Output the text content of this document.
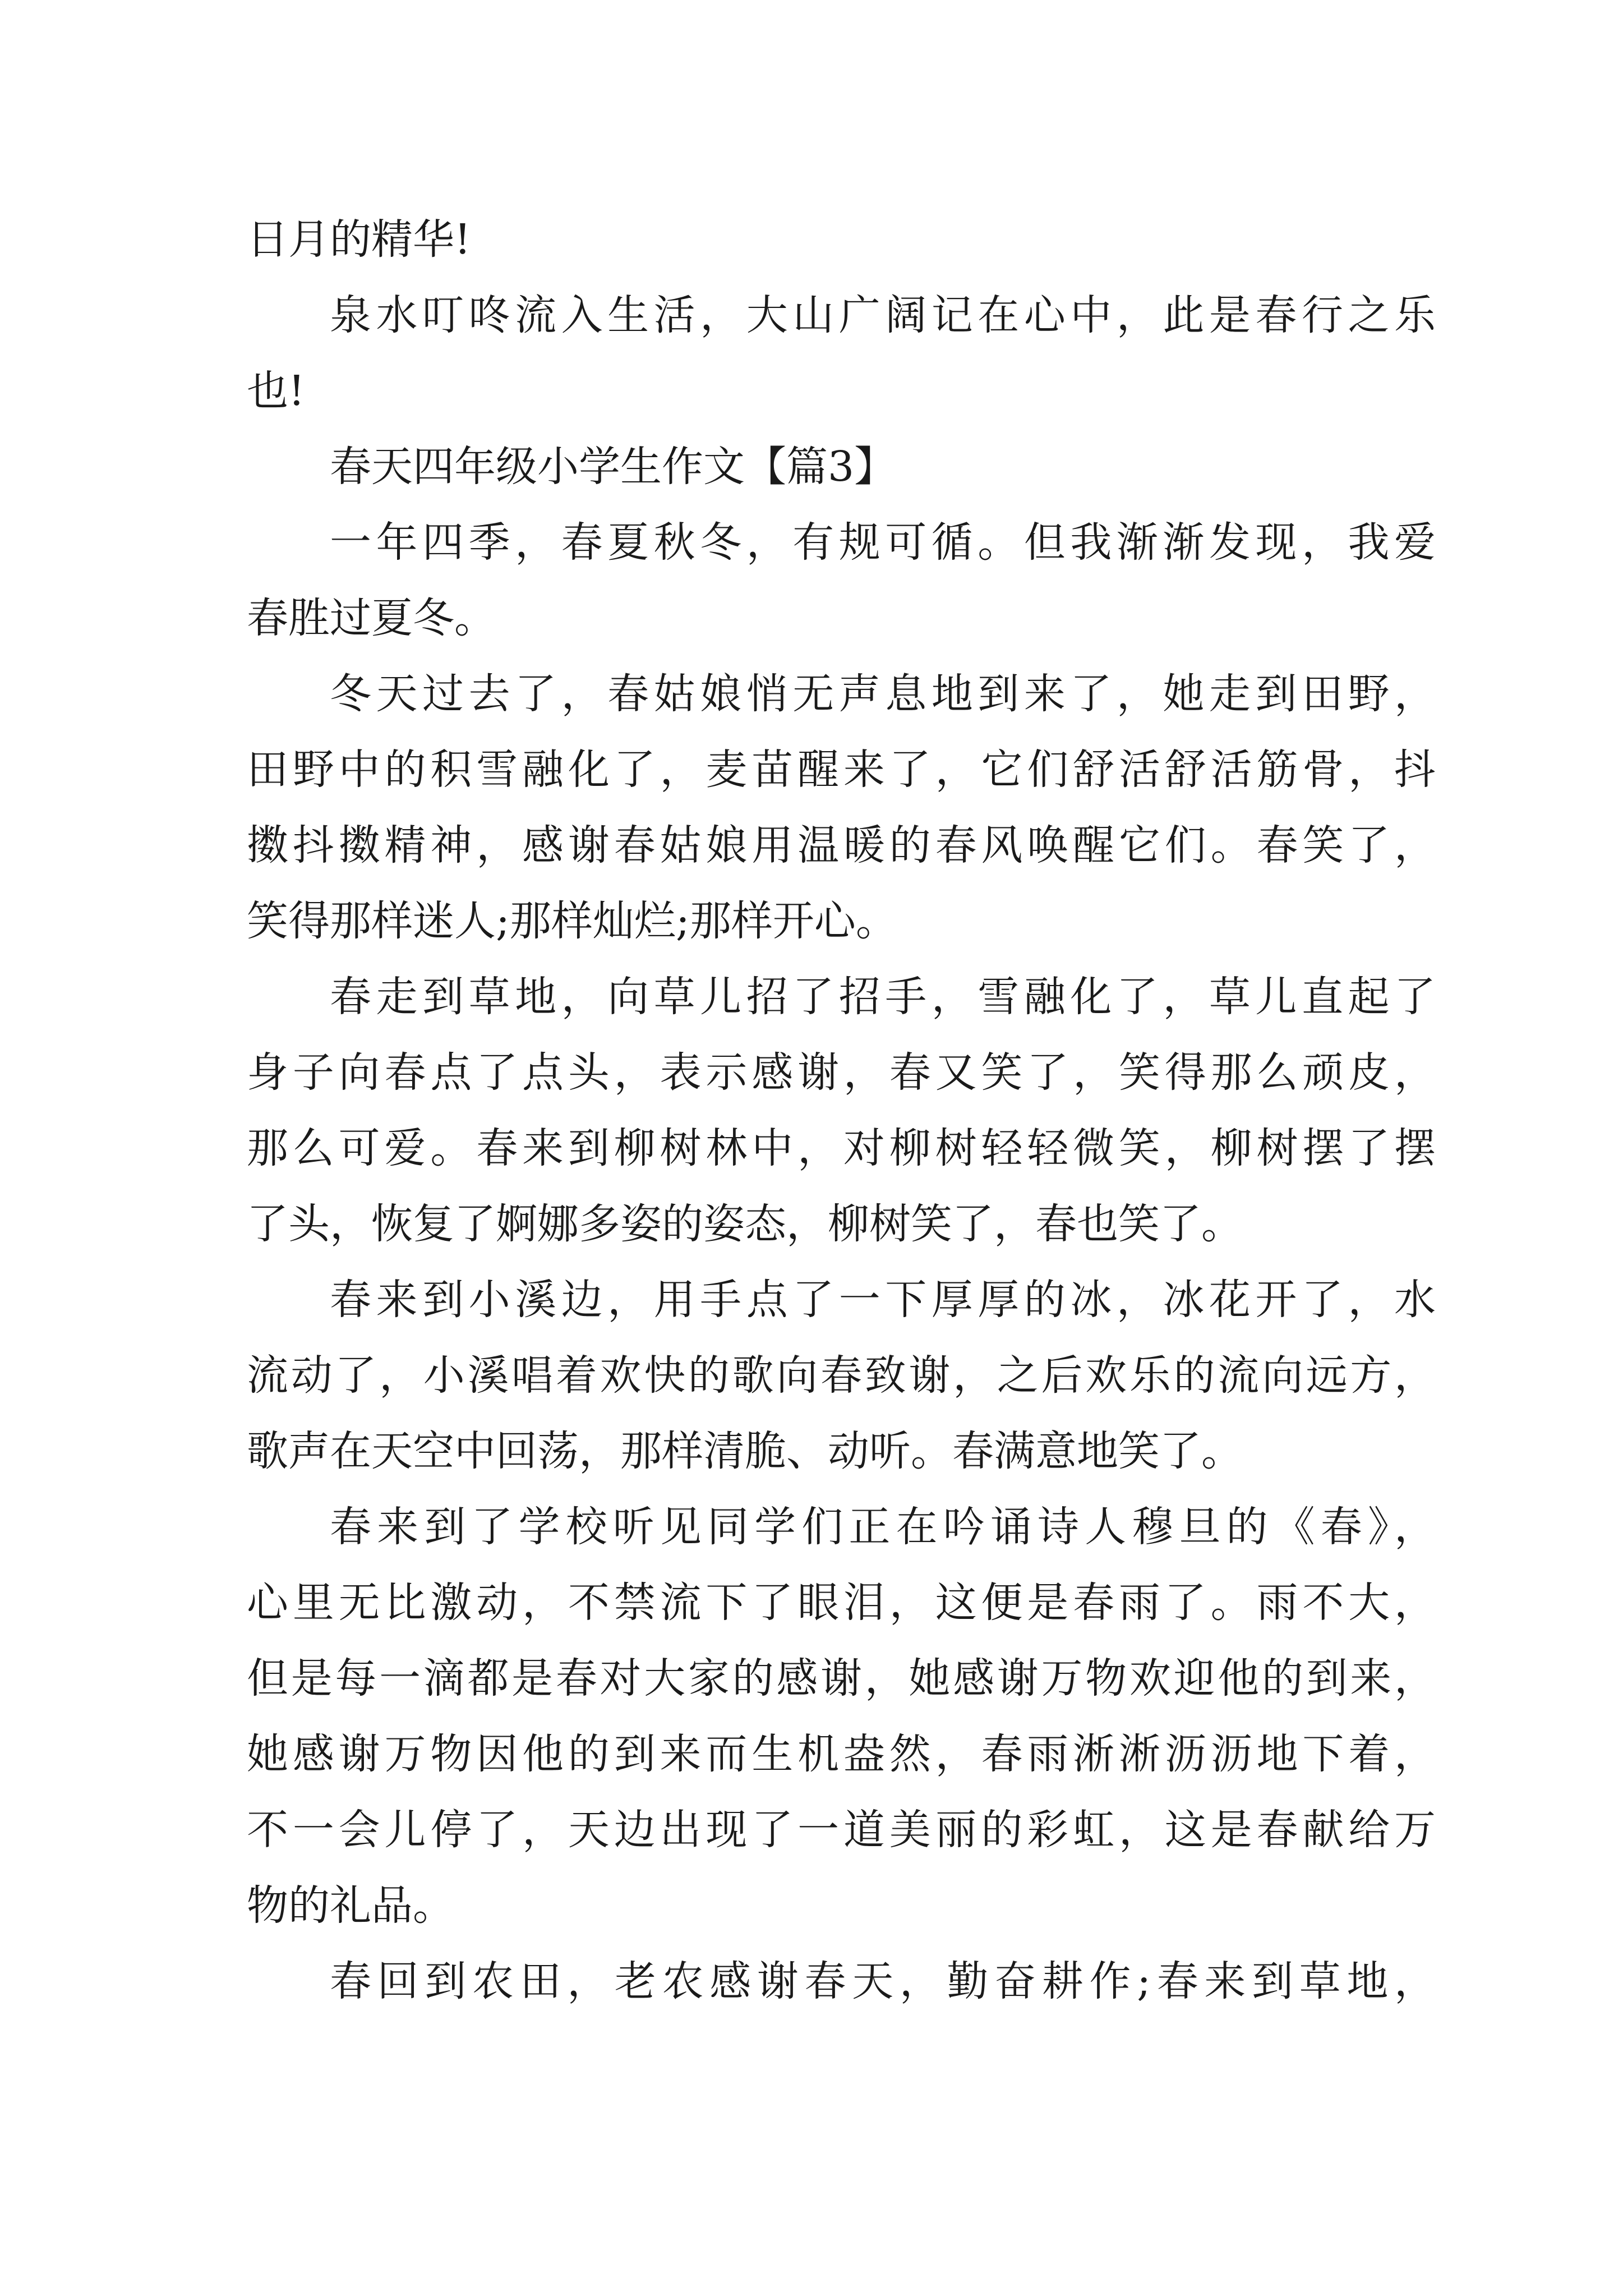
日月的精华!
泉水叮咚流入生活，大山广阔记在心中，此是春行之乐
也!
春天四年级小学生作文【篇3】
一年四季，春夏秋冬，有规可循。但我渐渐发现，我爱
春胜过夏冬。
冬天过去了，春姑娘悄无声息地到来了，她走到田野，
田野中的积雪融化了，麦苗醒来了，它们舒活舒活筋骨，抖
擞抖擞精神，感谢春姑娘用温暖的春风唤醒它们。春笑了，
笑得那样迷人;那样灿烂;那样开心。
春走到草地，向草儿招了招手，雪融化了，草儿直起了
身子向春点了点头，表示感谢，春又笑了，笑得那么顽皮，
那么可爱。春来到柳树林中，对柳树轻轻微笑，柳树摆了摆
了头，恢复了婀娜多姿的姿态，柳树笑了，春也笑了。
春来到小溪边，用手点了一下厚厚的冰，冰花开了，水
流动了，小溪唱着欢快的歌向春致谢，之后欢乐的流向远方，
歌声在天空中回荡，那样清脆、动听。春满意地笑了。
春来到了学校听见同学们正在吟诵诗人穆旦的《春》，
心里无比激动，不禁流下了眼泪，这便是春雨了。雨不大，
但是每一滴都是春对大家的感谢，她感谢万物欢迎他的到来，
她感谢万物因他的到来而生机盎然，春雨淅淅沥沥地下着，
不一会儿停了，天边出现了一道美丽的彩虹，这是春献给万
物的礼品。
春回到农田，老农感谢春天，勤奋耕作;春来到草地，
